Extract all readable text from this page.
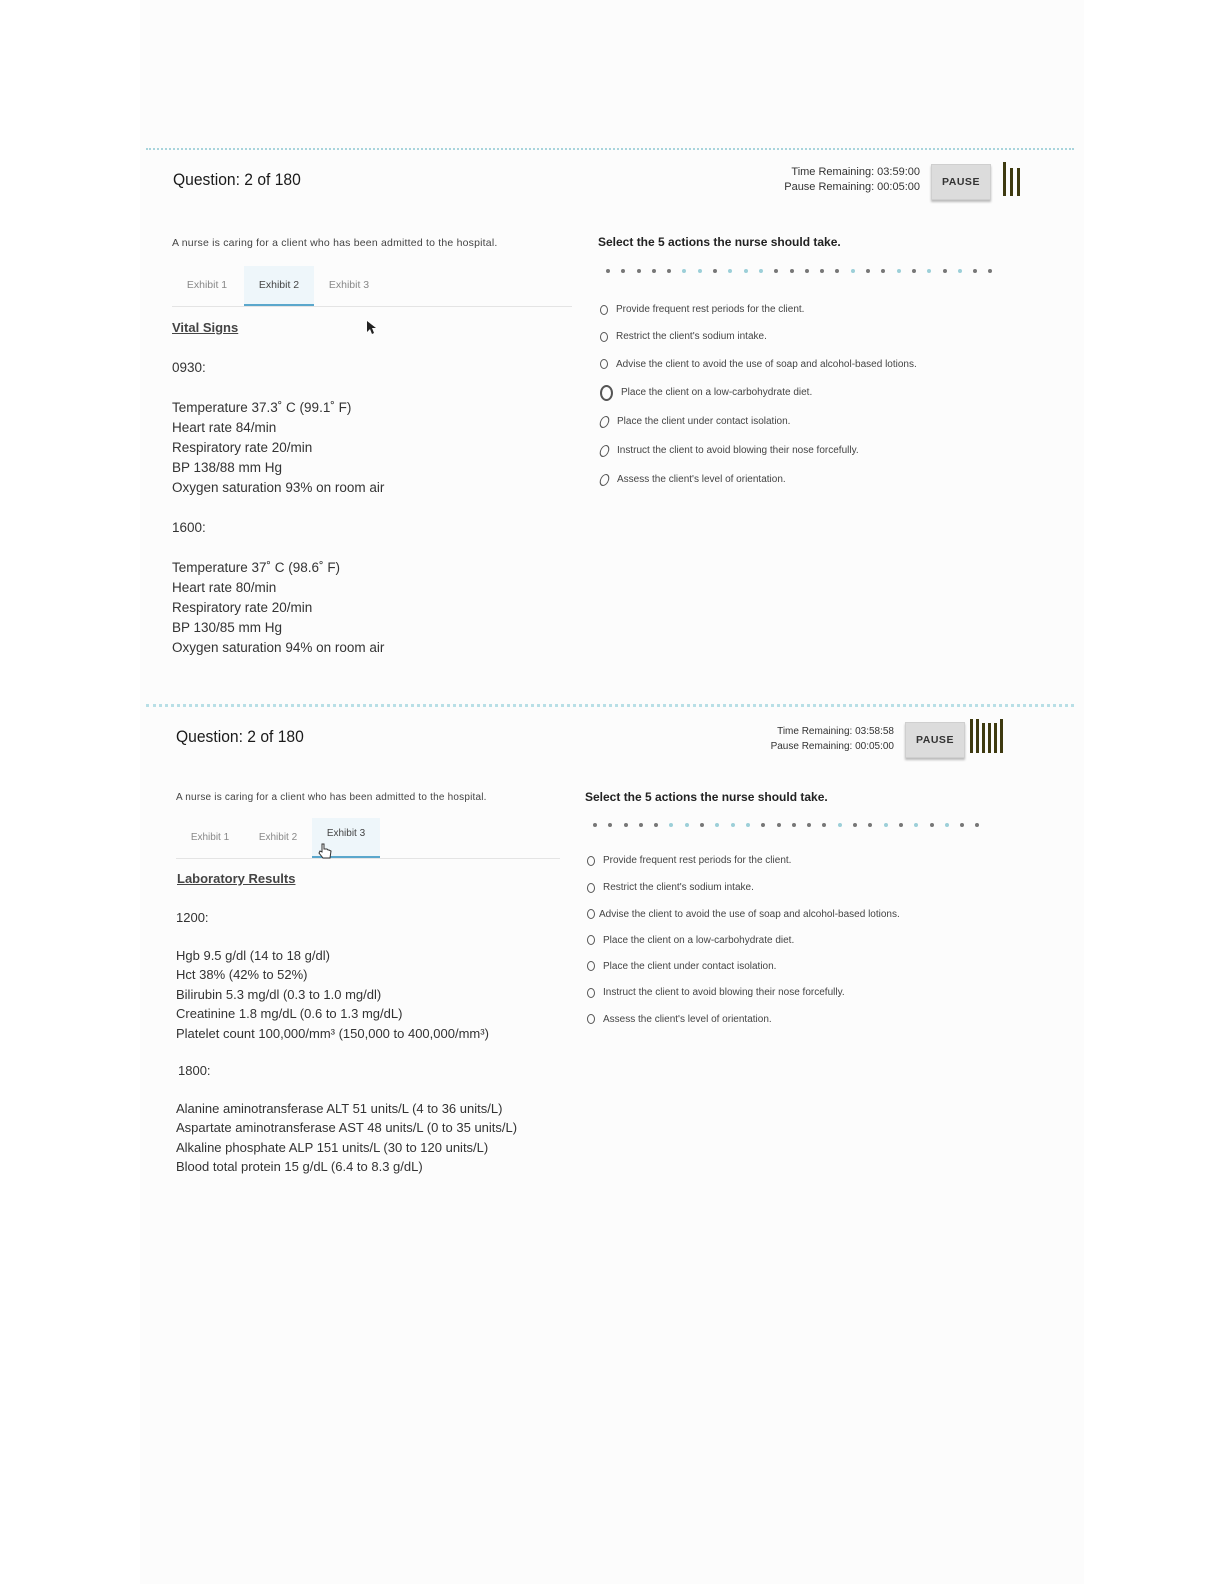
Question: 2 of 180	Time Remaining: 03:59:00
Pause Remaining: 00:05:00	PAUSE
A nurse is caring for a client who has been admitted to the hospital.
Exhibit 1	Exhibit 2	Exhibit 3
Vital Signs
0930:
Temperature 37.3˚ C (99.1˚ F)
Heart rate 84/min
Respiratory rate 20/min
BP 138/88 mm Hg
Oxygen saturation 93% on room air
1600:
Temperature 37˚ C (98.6˚ F)
Heart rate 80/min
Respiratory rate 20/min
BP 130/85 mm Hg
Oxygen saturation 94% on room air
Select the 5 actions the nurse should take.
Provide frequent rest periods for the client.
Restrict the client's sodium intake.
Advise the client to avoid the use of soap and alcohol-based lotions.
Place the client on a low-carbohydrate diet.
Place the client under contact isolation.
Instruct the client to avoid blowing their nose forcefully.
Assess the client's level of orientation.
Question: 2 of 180	Time Remaining: 03:58:58
Pause Remaining: 00:05:00
PAUSE
A nurse is caring for a client who has been admitted to the hospital.
Exhibit 1	Exhibit 2	Exhibit 3
Laboratory Results
1200:
Hgb 9.5 g/dl (14 to 18 g/dl)
Hct 38% (42% to 52%)
Bilirubin 5.3 mg/dl (0.3 to 1.0 mg/dl)
Creatinine 1.8 mg/dL (0.6 to 1.3 mg/dL)
Platelet count 100,000/mm³ (150,000 to 400,000/mm³)
1800:
Alanine aminotransferase ALT 51 units/L (4 to 36 units/L)
Aspartate aminotransferase AST 48 units/L (0 to 35 units/L)
Alkaline phosphate ALP 151 units/L (30 to 120 units/L)
Blood total protein 15 g/dL (6.4 to 8.3 g/dL)
Select the 5 actions the nurse should take.
Provide frequent rest periods for the client.
Restrict the client's sodium intake.
Advise the client to avoid the use of soap and alcohol-based lotions.
Place the client on a low-carbohydrate diet.
Place the client under contact isolation.
Instruct the client to avoid blowing their nose forcefully.
Assess the client's level of orientation.
